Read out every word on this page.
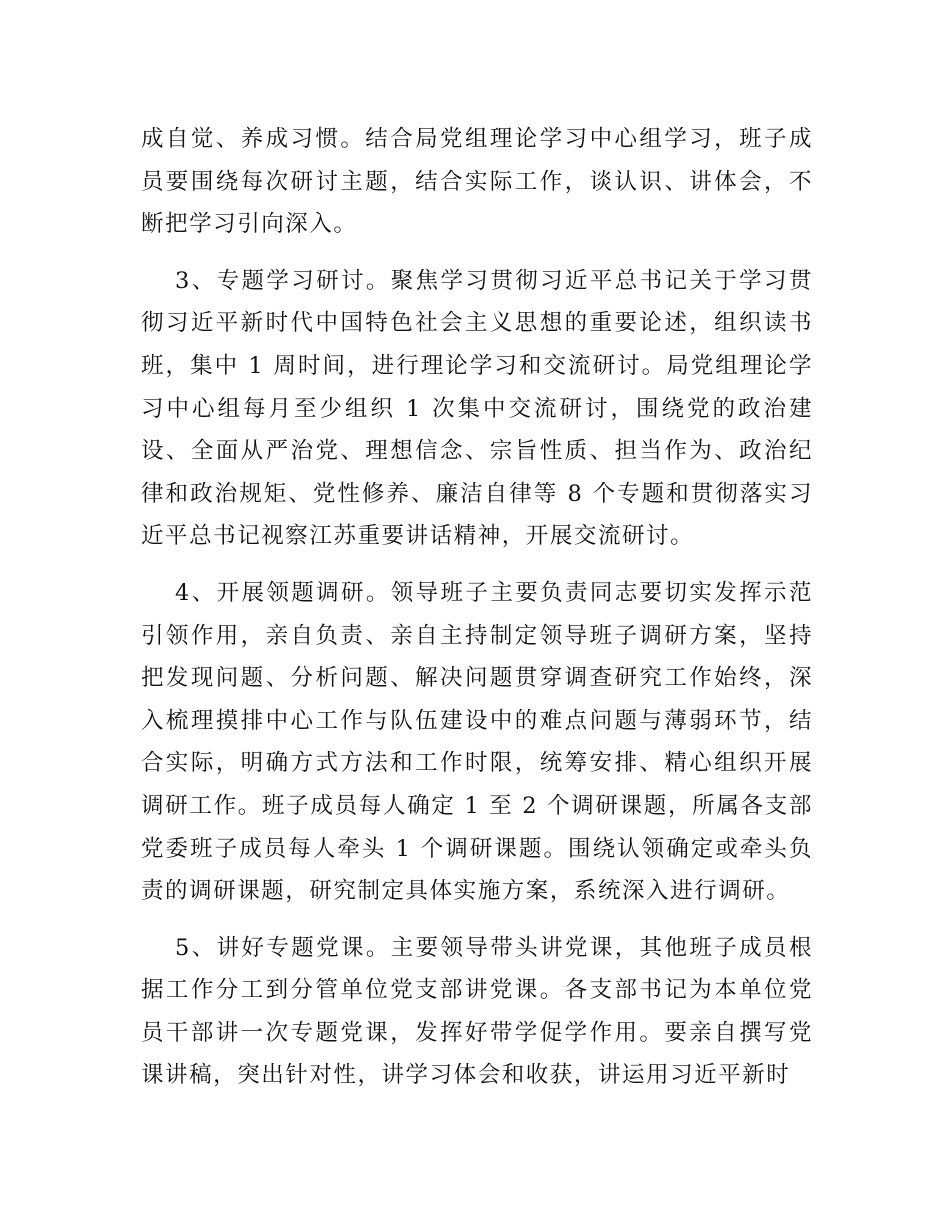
成自觉、养成习惯。结合局党组理论学习中心组学习，班子成员要围绕每次研讨主题，结合实际工作，谈认识、讲体会，不断把学习引向深入。

3、专题学习研讨。聚焦学习贯彻习近平总书记关于学习贯彻习近平新时代中国特色社会主义思想的重要论述，组织读书班，集中 1 周时间，进行理论学习和交流研讨。局党组理论学习中心组每月至少组织 1 次集中交流研讨，围绕党的政治建设、全面从严治党、理想信念、宗旨性质、担当作为、政治纪律和政治规矩、党性修养、廉洁自律等 8 个专题和贯彻落实习近平总书记视察江苏重要讲话精神，开展交流研讨。

4、开展领题调研。领导班子主要负责同志要切实发挥示范引领作用，亲自负责、亲自主持制定领导班子调研方案，坚持把发现问题、分析问题、解决问题贯穿调查研究工作始终，深入梳理摸排中心工作与队伍建设中的难点问题与薄弱环节，结合实际，明确方式方法和工作时限，统筹安排、精心组织开展调研工作。班子成员每人确定 1 至 2 个调研课题，所属各支部党委班子成员每人牵头 1 个调研课题。围绕认领确定或牵头负责的调研课题，研究制定具体实施方案，系统深入进行调研。

5、讲好专题党课。主要领导带头讲党课，其他班子成员根据工作分工到分管单位党支部讲党课。各支部书记为本单位党员干部讲一次专题党课，发挥好带学促学作用。要亲自撰写党课讲稿，突出针对性，讲学习体会和收获，讲运用习近平新时
